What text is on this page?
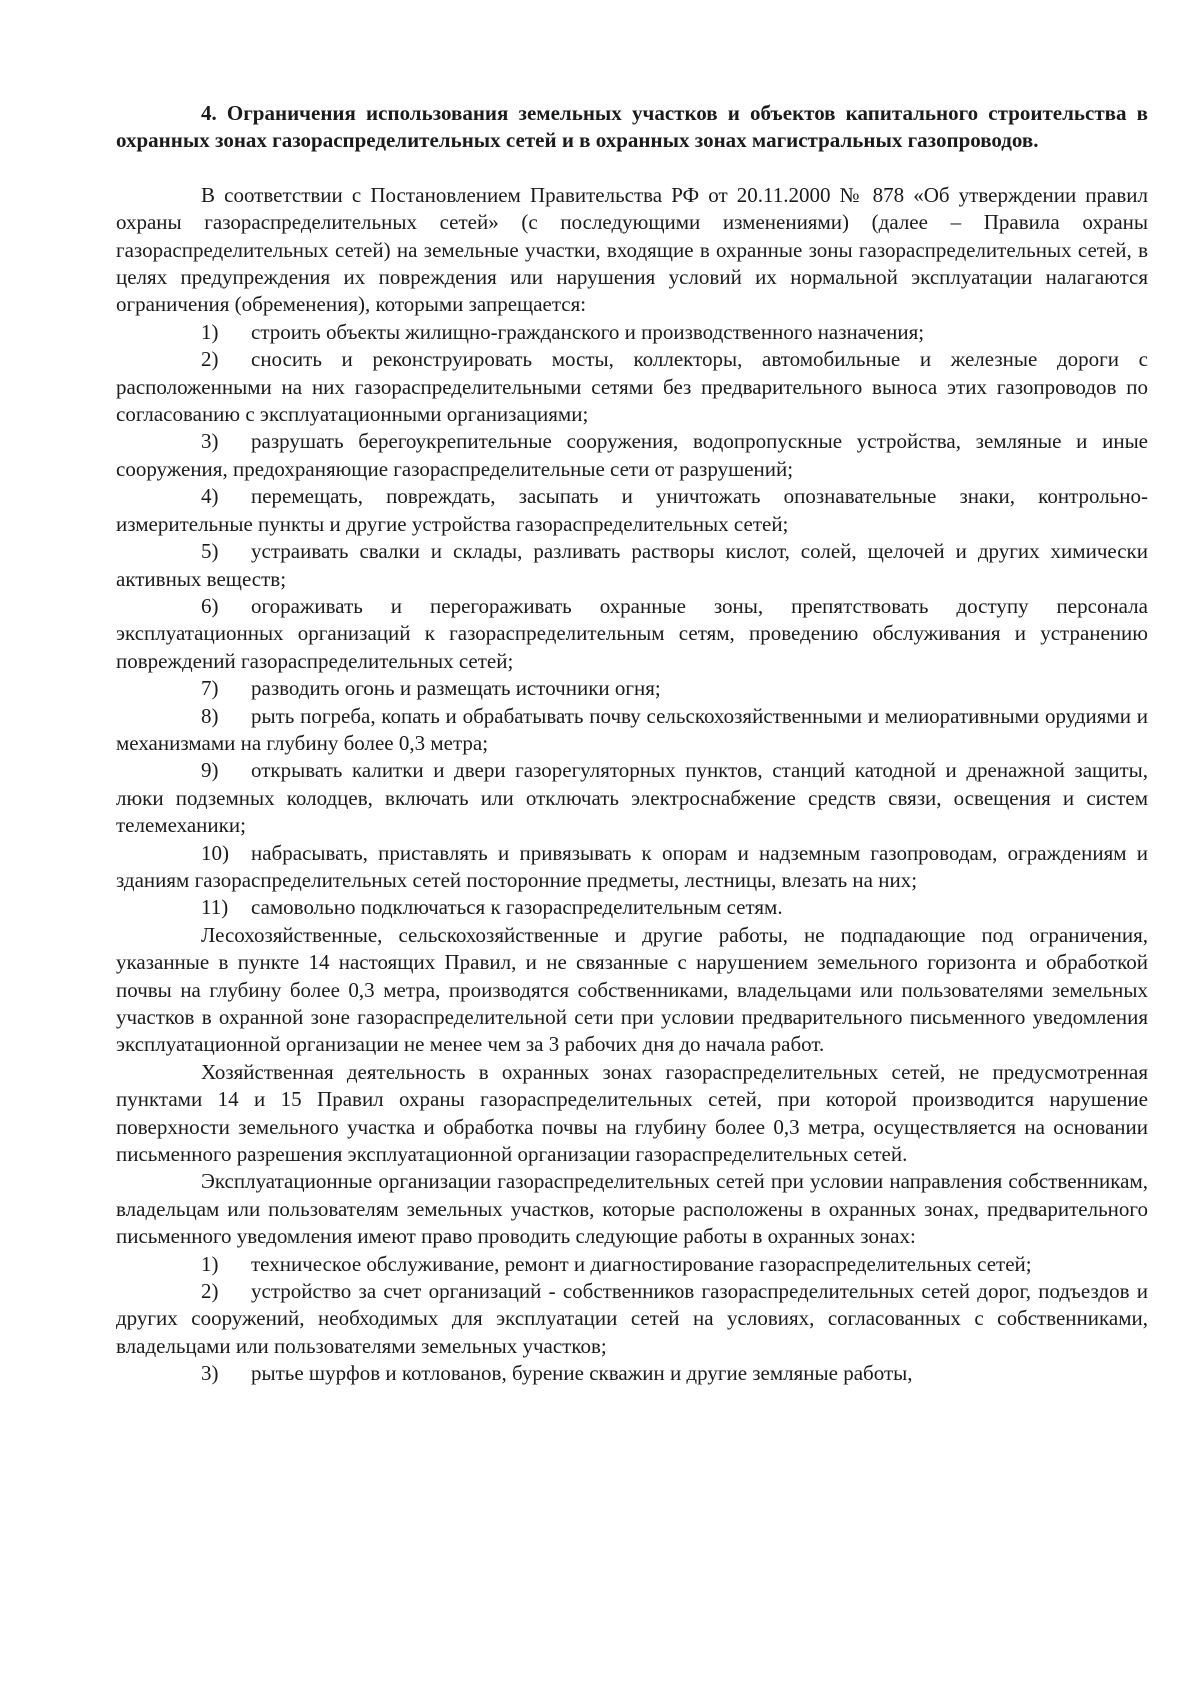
4. Ограничения использования земельных участков и объектов капитального строительства в охранных зонах газораспределительных сетей и в охранных зонах магистральных газопроводов.

В соответствии с Постановлением Правительства РФ от 20.11.2000 № 878 «Об утверждении правил охраны газораспределительных сетей» (с последующими изменениями) (далее – Правила охраны газораспределительных сетей) на земельные участки, входящие в охранные зоны газораспределительных сетей, в целях предупреждения их повреждения или нарушения условий их нормальной эксплуатации налагаются ограничения (обременения), которыми запрещается:

1) строить объекты жилищно-гражданского и производственного назначения;

2) сносить и реконструировать мосты, коллекторы, автомобильные и железные дороги с расположенными на них газораспределительными сетями без предварительного выноса этих газопроводов по согласованию с эксплуатационными организациями;

3) разрушать берегоукрепительные сооружения, водопропускные устройства, земляные и иные сооружения, предохраняющие газораспределительные сети от разрушений;

4) перемещать, повреждать, засыпать и уничтожать опознавательные знаки, контрольно-измерительные пункты и другие устройства газораспределительных сетей;

5) устраивать свалки и склады, разливать растворы кислот, солей, щелочей и других химически активных веществ;

6) огораживать и перегораживать охранные зоны, препятствовать доступу персонала эксплуатационных организаций к газораспределительным сетям, проведению обслуживания и устранению повреждений газораспределительных сетей;

7) разводить огонь и размещать источники огня;

8) рыть погреба, копать и обрабатывать почву сельскохозяйственными и мелиоративными орудиями и механизмами на глубину более 0,3 метра;

9) открывать калитки и двери газорегуляторных пунктов, станций катодной и дренажной защиты, люки подземных колодцев, включать или отключать электроснабжение средств связи, освещения и систем телемеханики;

10) набрасывать, приставлять и привязывать к опорам и надземным газопроводам, ограждениям и зданиям газораспределительных сетей посторонние предметы, лестницы, влезать на них;

11) самовольно подключаться к газораспределительным сетям.

Лесохозяйственные, сельскохозяйственные и другие работы, не подпадающие под ограничения, указанные в пункте 14 настоящих Правил, и не связанные с нарушением земельного горизонта и обработкой почвы на глубину более 0,3 метра, производятся собственниками, владельцами или пользователями земельных участков в охранной зоне газораспределительной сети при условии предварительного письменного уведомления эксплуатационной организации не менее чем за 3 рабочих дня до начала работ.

Хозяйственная деятельность в охранных зонах газораспределительных сетей, не предусмотренная пунктами 14 и 15 Правил охраны газораспределительных сетей, при которой производится нарушение поверхности земельного участка и обработка почвы на глубину более 0,3 метра, осуществляется на основании письменного разрешения эксплуатационной организации газораспределительных сетей.

Эксплуатационные организации газораспределительных сетей при условии направления собственникам, владельцам или пользователям земельных участков, которые расположены в охранных зонах, предварительного письменного уведомления имеют право проводить следующие работы в охранных зонах:

1) техническое обслуживание, ремонт и диагностирование газораспределительных сетей;

2) устройство за счет организаций - собственников газораспределительных сетей дорог, подъездов и других сооружений, необходимых для эксплуатации сетей на условиях, согласованных с собственниками, владельцами или пользователями земельных участков;

3) рытье шурфов и котлованов, бурение скважин и другие земляные работы,
